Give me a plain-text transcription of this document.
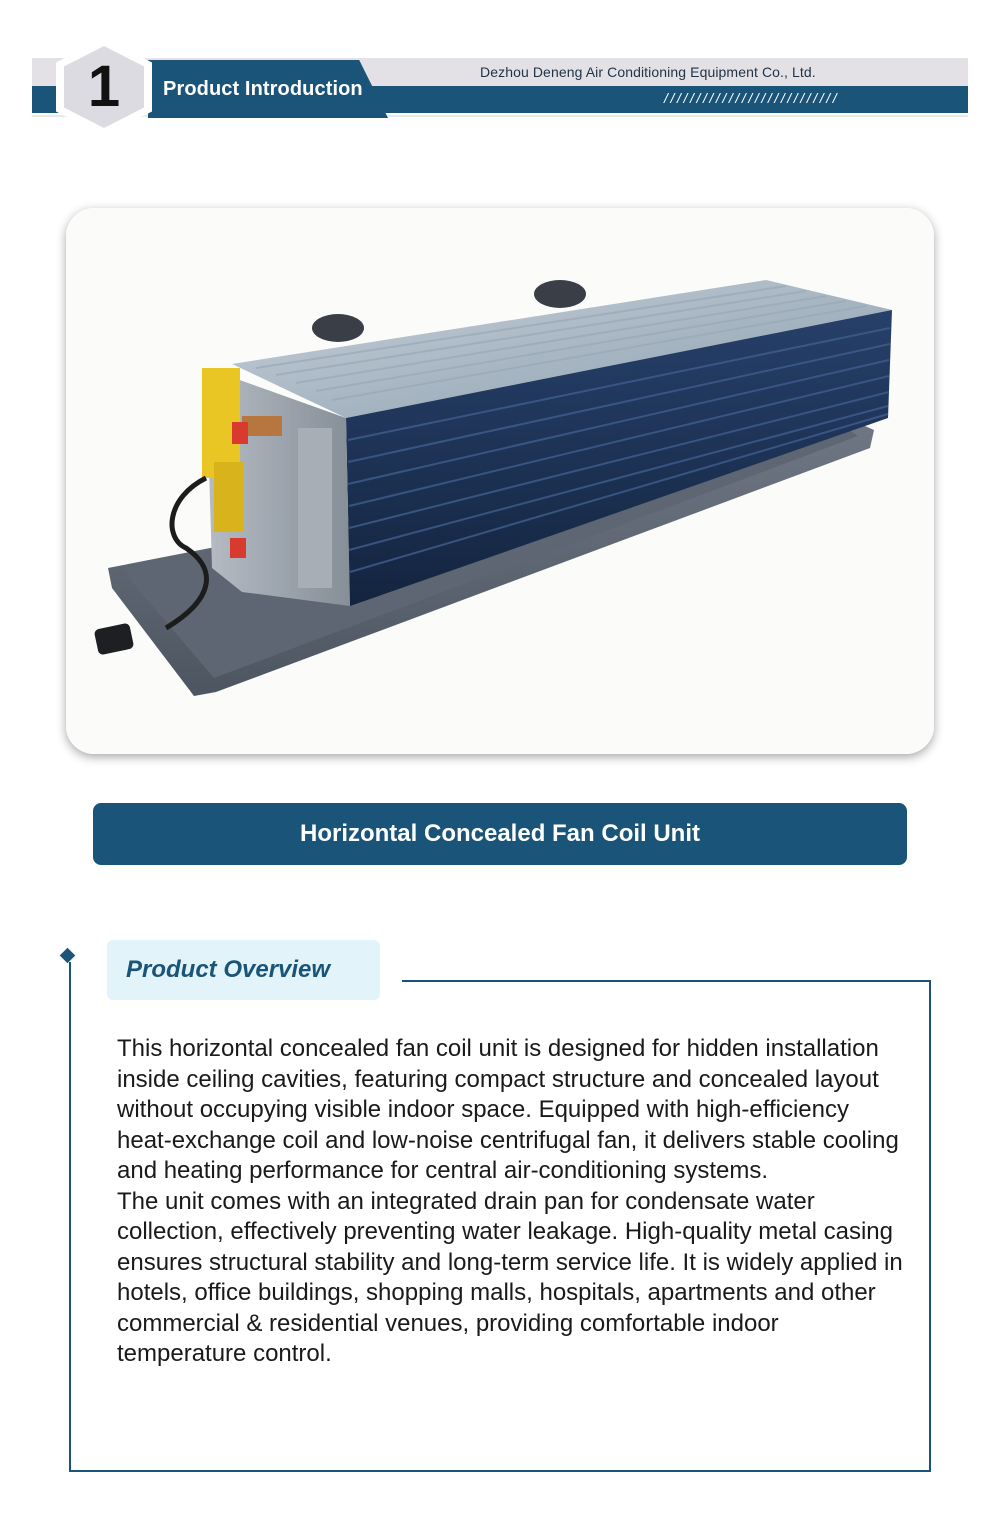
Product Introduction
Dezhou Deneng Air Conditioning Equipment Co., Ltd.
///////////////////////////
1
Horizontal Concealed Fan Coil Unit
Product Overview

This horizontal concealed fan coil unit is designed for hidden installation inside ceiling cavities, featuring compact structure and concealed layout without occupying visible indoor space. Equipped with high-efficiency heat-exchange coil and low-noise centrifugal fan, it delivers stable cooling and heating performance for central air-conditioning systems.

The unit comes with an integrated drain pan for condensate water collection, effectively preventing water leakage. High-quality metal casing ensures structural stability and long-term service life. It is widely applied in hotels, office buildings, shopping malls, hospitals, apartments and other commercial & residential venues, providing comfortable indoor temperature control.
